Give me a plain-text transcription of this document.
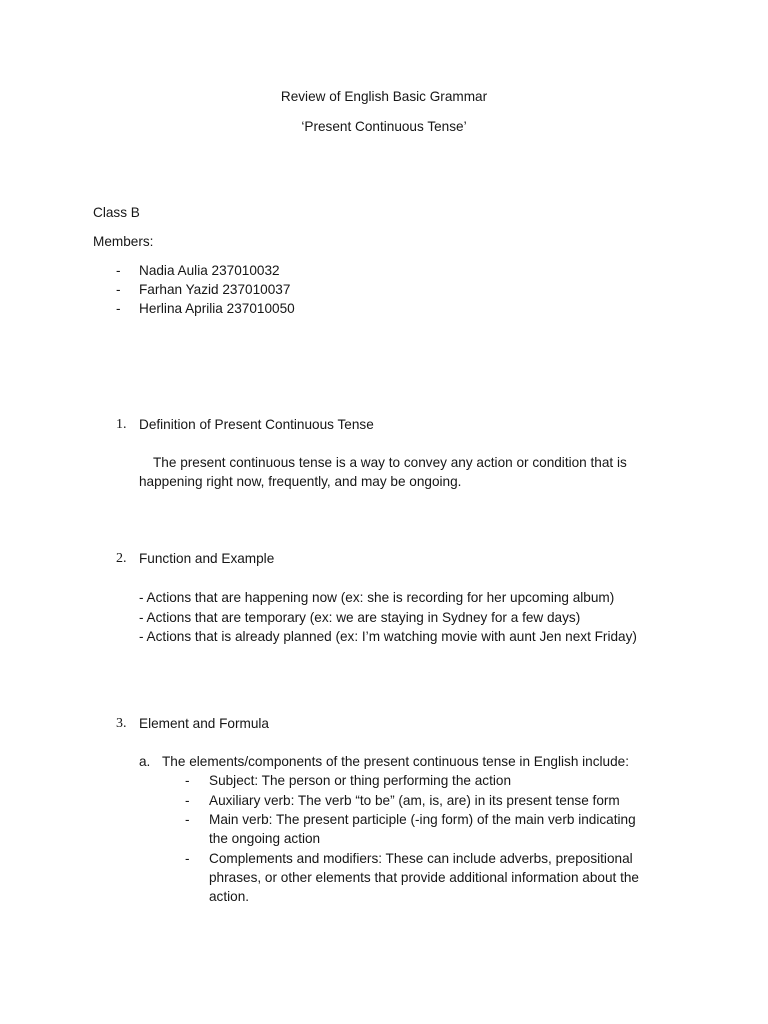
Review of English Basic Grammar
‘Present Continuous Tense’
Class B
Members:
- Nadia Aulia 237010032
- Farhan Yazid 237010037
- Herlina Aprilia 237010050
1. Definition of Present Continuous Tense
The present continuous tense is a way to convey any action or condition that is
happening right now, frequently, and may be ongoing.
2. Function and Example
- Actions that are happening now (ex: she is recording for her upcoming album)
- Actions that are temporary (ex: we are staying in Sydney for a few days)
- Actions that is already planned (ex: I’m watching movie with aunt Jen next Friday)
3. Element and Formula
a. The elements/components of the present continuous tense in English include:
- Subject: The person or thing performing the action
- Auxiliary verb: The verb “to be” (am, is, are) in its present tense form
- Main verb: The present participle (-ing form) of the main verb indicating
the ongoing action
- Complements and modifiers: These can include adverbs, prepositional
phrases, or other elements that provide additional information about the
action.
